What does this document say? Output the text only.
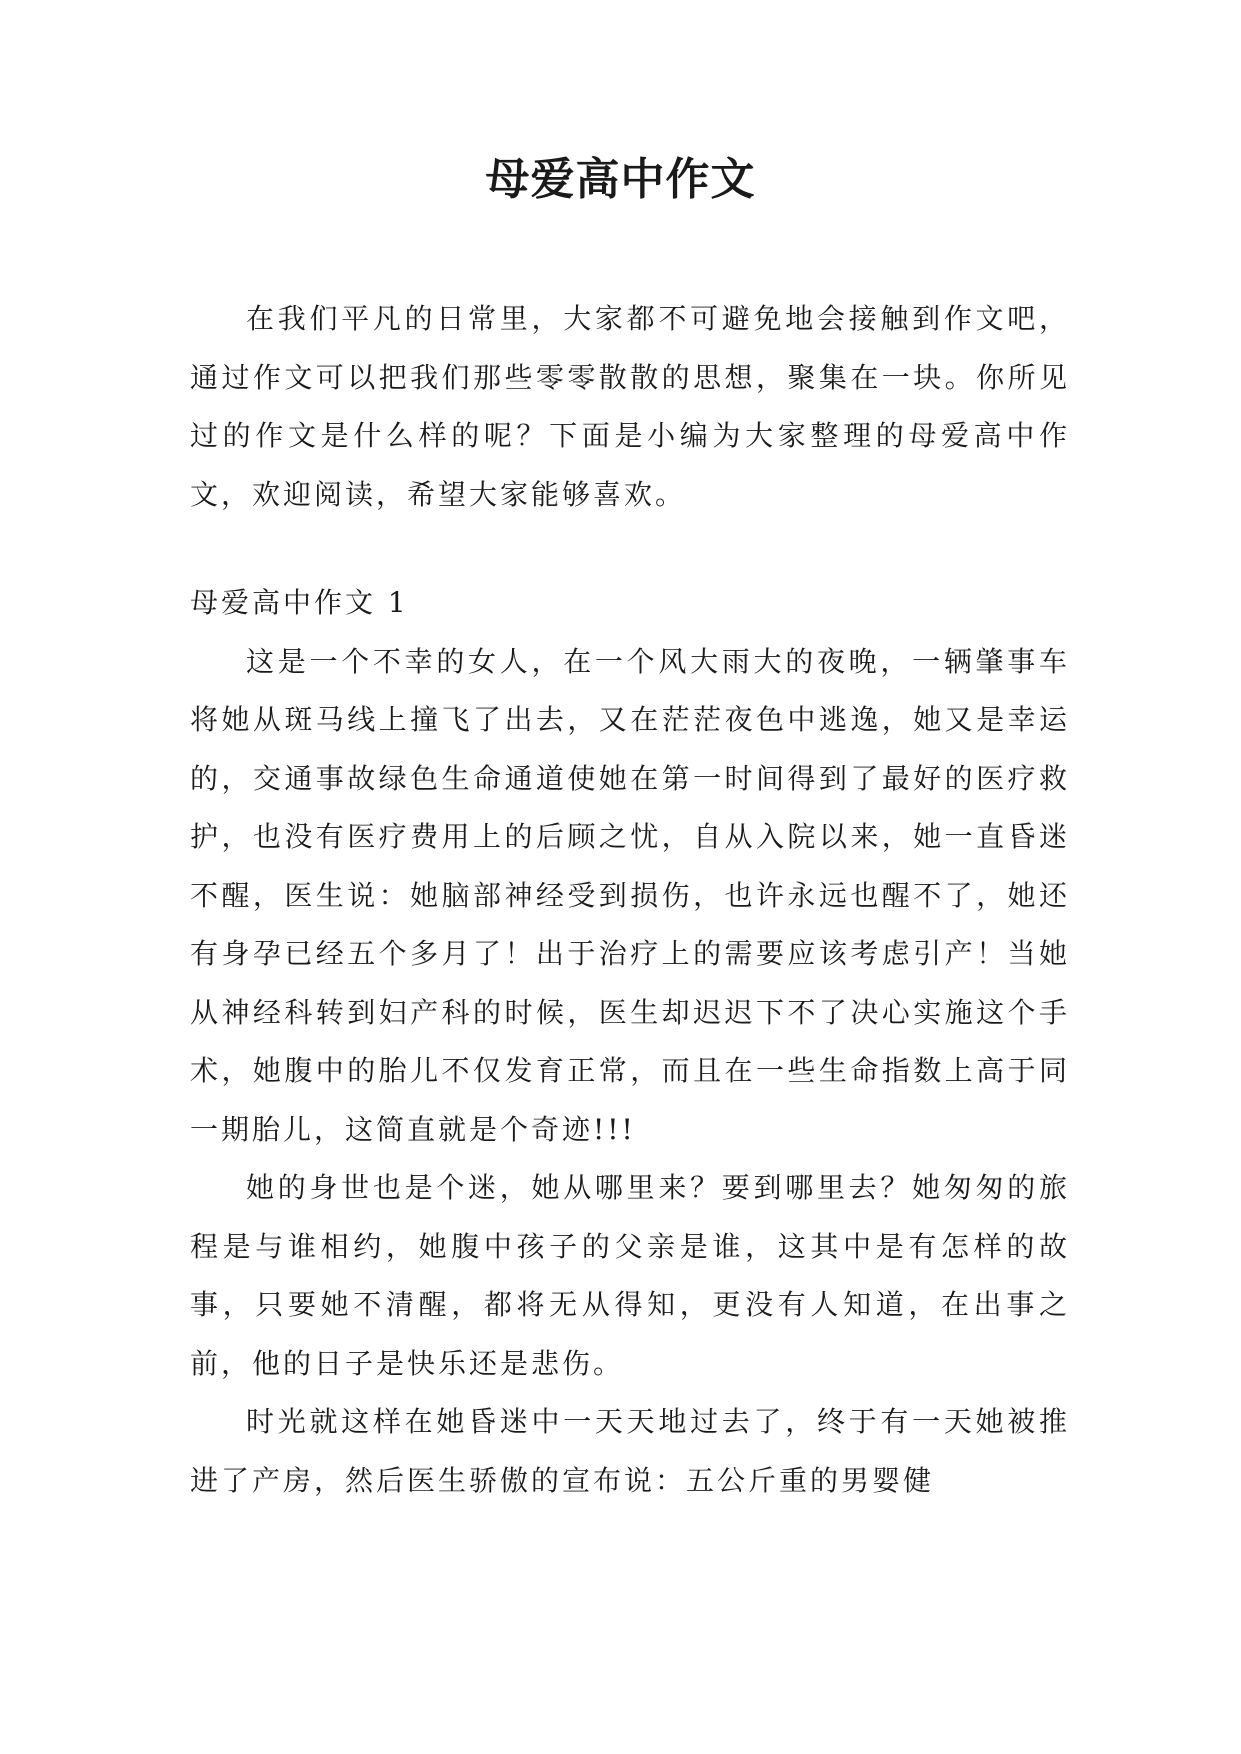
母爱高中作文

在我们平凡的日常里，大家都不可避免地会接触到作文吧，通过作文可以把我们那些零零散散的思想，聚集在一块。你所见过的作文是什么样的呢？下面是小编为大家整理的母爱高中作文，欢迎阅读，希望大家能够喜欢。

母爱高中作文 1

这是一个不幸的女人，在一个风大雨大的夜晚，一辆肇事车将她从斑马线上撞飞了出去，又在茫茫夜色中逃逸，她又是幸运的，交通事故绿色生命通道使她在第一时间得到了最好的医疗救护，也没有医疗费用上的后顾之忧，自从入院以来，她一直昏迷不醒，医生说：她脑部神经受到损伤，也许永远也醒不了，她还有身孕已经五个多月了！出于治疗上的需要应该考虑引产！当她从神经科转到妇产科的时候，医生却迟迟下不了决心实施这个手术，她腹中的胎儿不仅发育正常，而且在一些生命指数上高于同一期胎儿，这简直就是个奇迹!!!

她的身世也是个迷，她从哪里来？要到哪里去？她匆匆的旅程是与谁相约，她腹中孩子的父亲是谁，这其中是有怎样的故事，只要她不清醒，都将无从得知，更没有人知道，在出事之前，他的日子是快乐还是悲伤。

时光就这样在她昏迷中一天天地过去了，终于有一天她被推进了产房，然后医生骄傲的宣布说：五公斤重的男婴健
